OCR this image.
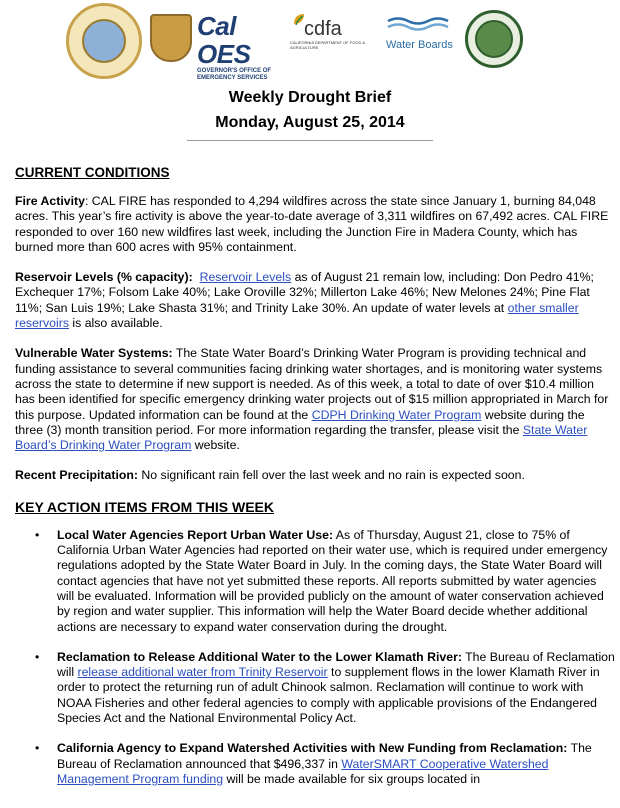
Cal OES
GOVERNOR'S OFFICE OF EMERGENCY SERVICES
cdfa
CALIFORNIA DEPARTMENT OF FOOD & AGRICULTURE	Water Boards
Weekly Drought Brief
Monday, August 25, 2014
CURRENT CONDITIONS

Fire Activity: CAL FIRE has responded to 4,294 wildfires across the state since January 1, burning 84,048 acres. This year’s fire activity is above the year-to-date average of 3,311 wildfires on 67,492 acres. CAL FIRE responded to over 160 new wildfires last week, including the Junction Fire in Madera County, which has burned more than 600 acres with 95% containment.

Reservoir Levels (% capacity): Reservoir Levels as of August 21 remain low, including: Don Pedro 41%; Exchequer 17%; Folsom Lake 40%; Lake Oroville 32%; Millerton Lake 46%; New Melones 24%; Pine Flat 11%; San Luis 19%; Lake Shasta 31%; and Trinity Lake 30%. An update of water levels at other smaller reservoirs is also available.

Vulnerable Water Systems: The State Water Board’s Drinking Water Program is providing technical and funding assistance to several communities facing drinking water shortages, and is monitoring water systems across the state to determine if new support is needed. As of this week, a total to date of over $10.4 million has been identified for specific emergency drinking water projects out of $15 million appropriated in March for this purpose. Updated information can be found at the CDPH Drinking Water Program website during the three (3) month transition period. For more information regarding the transfer, please visit the State Water Board’s Drinking Water Program website.

Recent Precipitation: No significant rain fell over the last week and no rain is expected soon.

KEY ACTION ITEMS FROM THIS WEEK
• Local Water Agencies Report Urban Water Use: As of Thursday, August 21, close to 75% of California Urban Water Agencies had reported on their water use, which is required under emergency regulations adopted by the State Water Board in July. In the coming days, the State Water Board will contact agencies that have not yet submitted these reports. All reports submitted by water agencies will be evaluated. Information will be provided publicly on the amount of water conservation achieved by region and water supplier. This information will help the Water Board decide whether additional actions are necessary to expand water conservation during the drought.
• Reclamation to Release Additional Water to the Lower Klamath River: The Bureau of Reclamation will release additional water from Trinity Reservoir to supplement flows in the lower Klamath River in order to protect the returning run of adult Chinook salmon. Reclamation will continue to work with NOAA Fisheries and other federal agencies to comply with applicable provisions of the Endangered Species Act and the National Environmental Policy Act.
• California Agency to Expand Watershed Activities with New Funding from Reclamation: The Bureau of Reclamation announced that $496,337 in WaterSMART Cooperative Watershed Management Program funding will be made available for six groups located in
